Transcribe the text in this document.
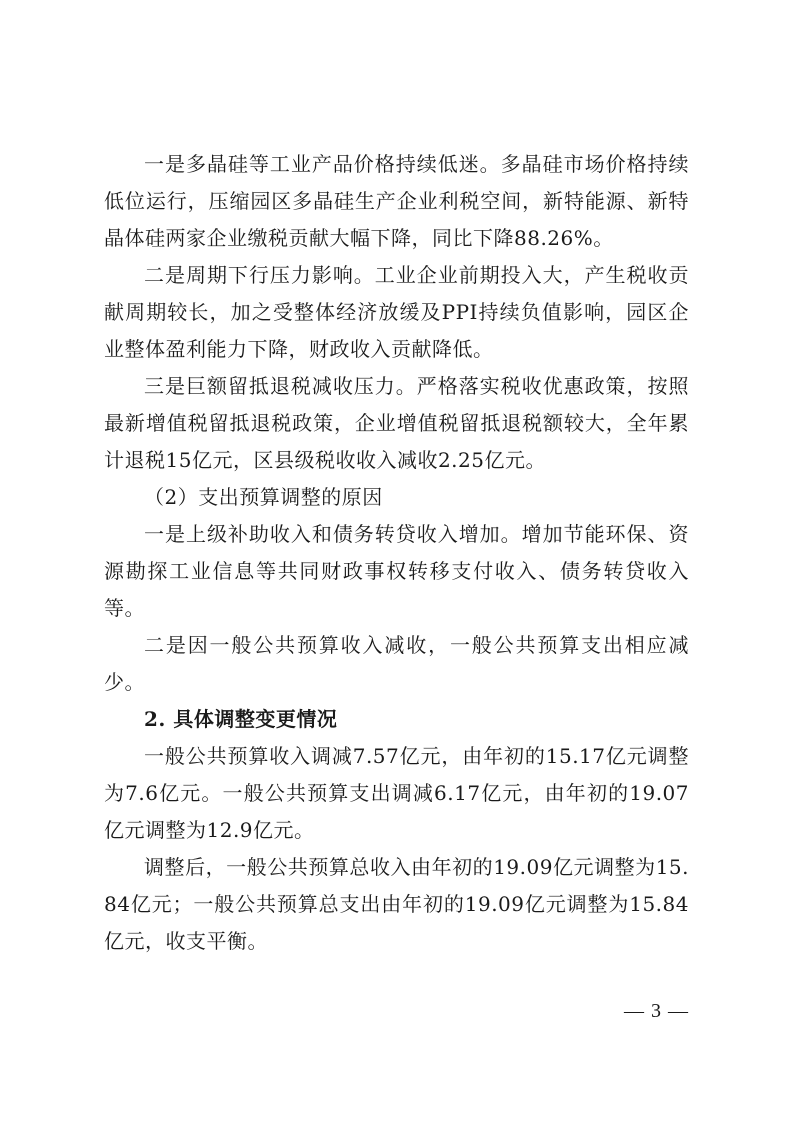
一是多晶硅等工业产品价格持续低迷。多晶硅市场价格持续低位运行，压缩园区多晶硅生产企业利税空间，新特能源、新特晶体硅两家企业缴税贡献大幅下降，同比下降88.26%。

二是周期下行压力影响。工业企业前期投入大，产生税收贡献周期较长，加之受整体经济放缓及PPI持续负值影响，园区企业整体盈利能力下降，财政收入贡献降低。

三是巨额留抵退税减收压力。严格落实税收优惠政策，按照最新增值税留抵退税政策，企业增值税留抵退税额较大，全年累计退税15亿元，区县级税收收入减收2.25亿元。

（2）支出预算调整的原因

一是上级补助收入和债务转贷收入增加。增加节能环保、资源勘探工业信息等共同财政事权转移支付收入、债务转贷收入等。

二是因一般公共预算收入减收，一般公共预算支出相应减少。

2. 具体调整变更情况

一般公共预算收入调减7.57亿元，由年初的15.17亿元调整为7.6亿元。一般公共预算支出调减6.17亿元，由年初的19.07亿元调整为12.9亿元。

调整后，一般公共预算总收入由年初的19.09亿元调整为15.84亿元；一般公共预算总支出由年初的19.09亿元调整为15.84亿元，收支平衡。

— 3 —
